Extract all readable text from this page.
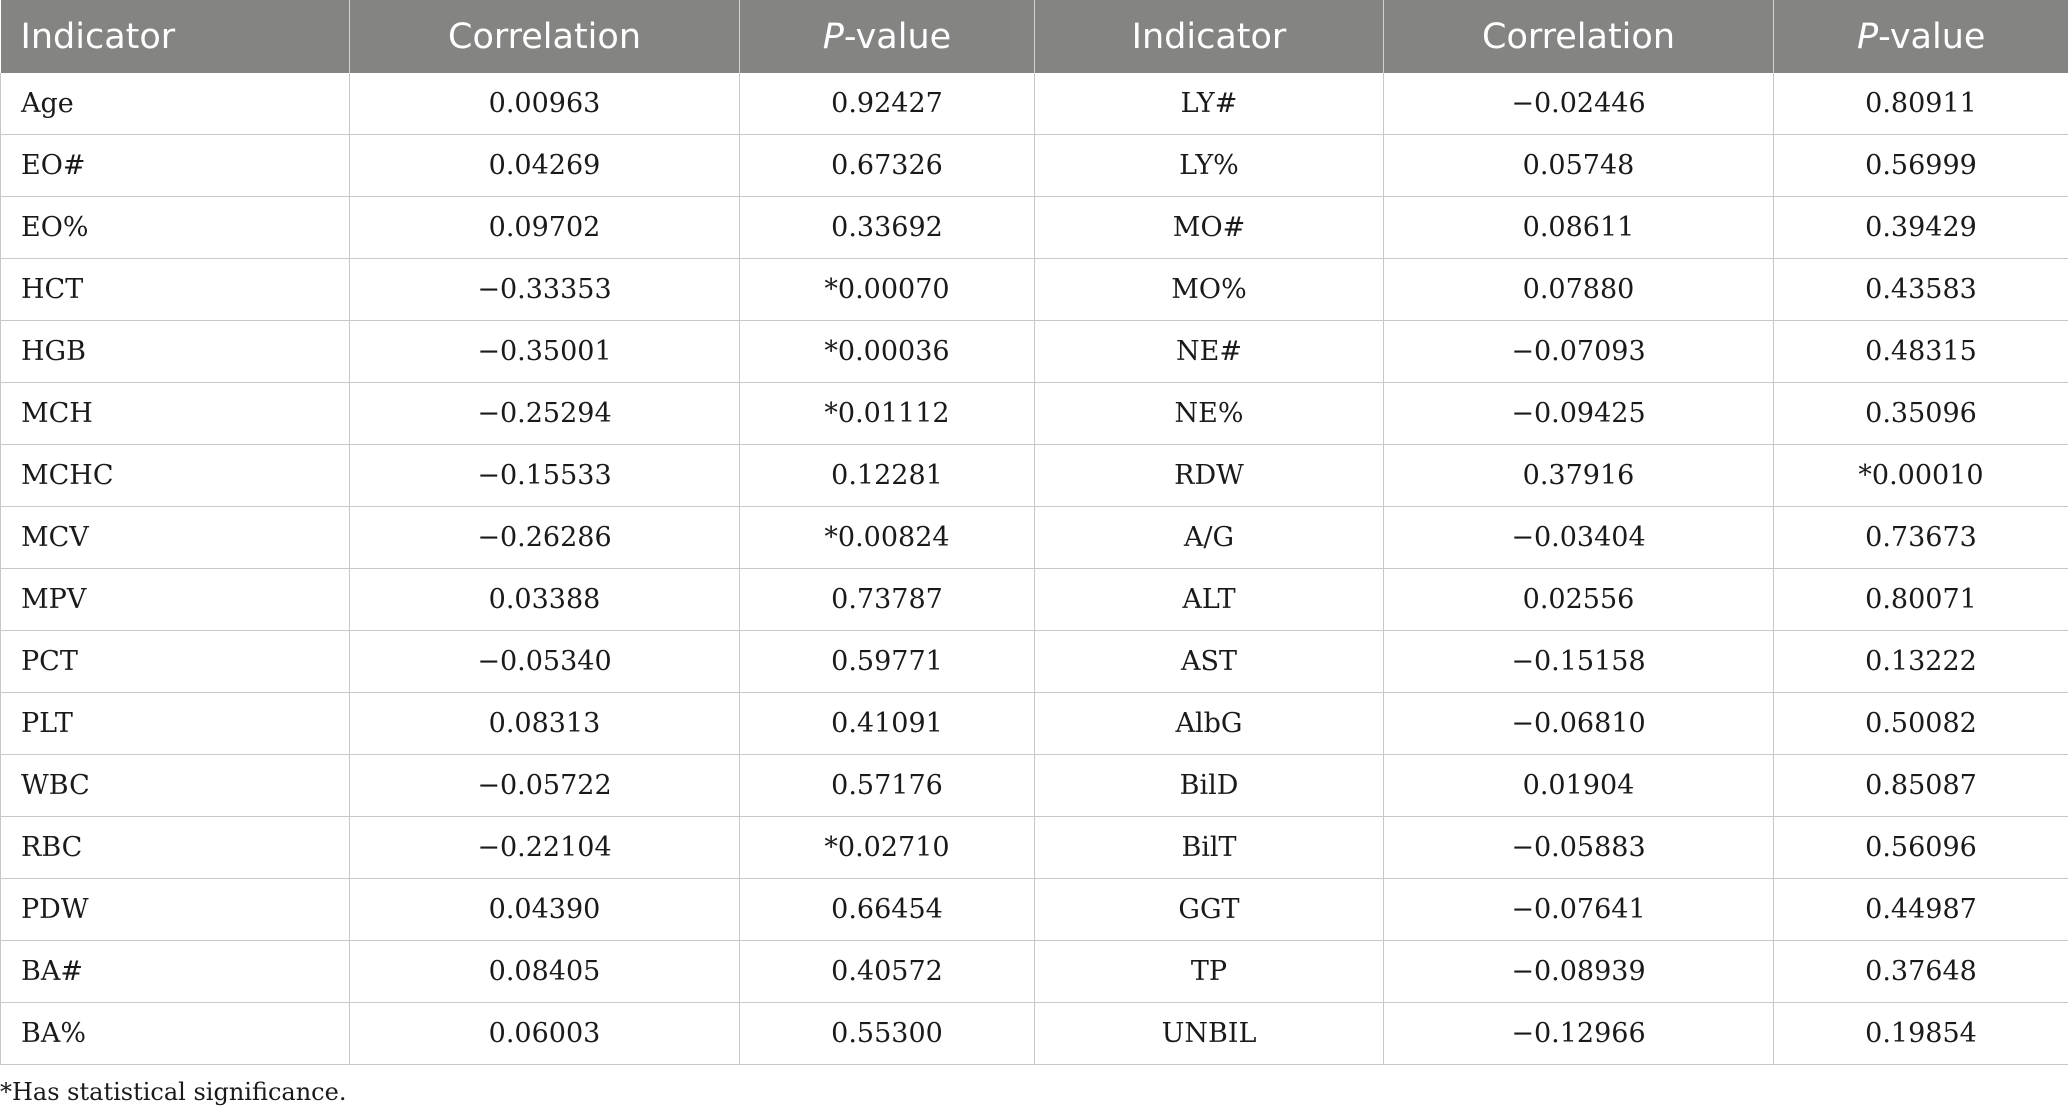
Indicator	Correlation	P-value	Indicator	Correlation	P-value
Age	0.00963	0.92427	LY#	−0.02446	0.80911
EO#	0.04269	0.67326	LY%	0.05748	0.56999
EO%	0.09702	0.33692	MO#	0.08611	0.39429
HCT	−0.33353	*0.00070	MO%	0.07880	0.43583
HGB	−0.35001	*0.00036	NE#	−0.07093	0.48315
MCH	−0.25294	*0.01112	NE%	−0.09425	0.35096
MCHC	−0.15533	0.12281	RDW	0.37916	*0.00010
MCV	−0.26286	*0.00824	A/G	−0.03404	0.73673
MPV	0.03388	0.73787	ALT	0.02556	0.80071
PCT	−0.05340	0.59771	AST	−0.15158	0.13222
PLT	0.08313	0.41091	AlbG	−0.06810	0.50082
WBC	−0.05722	0.57176	BilD	0.01904	0.85087
RBC	−0.22104	*0.02710	BilT	−0.05883	0.56096
PDW	0.04390	0.66454	GGT	−0.07641	0.44987
BA#	0.08405	0.40572	TP	−0.08939	0.37648
BA%	0.06003	0.55300	UNBIL	−0.12966	0.19854
*Has statistical significance.
